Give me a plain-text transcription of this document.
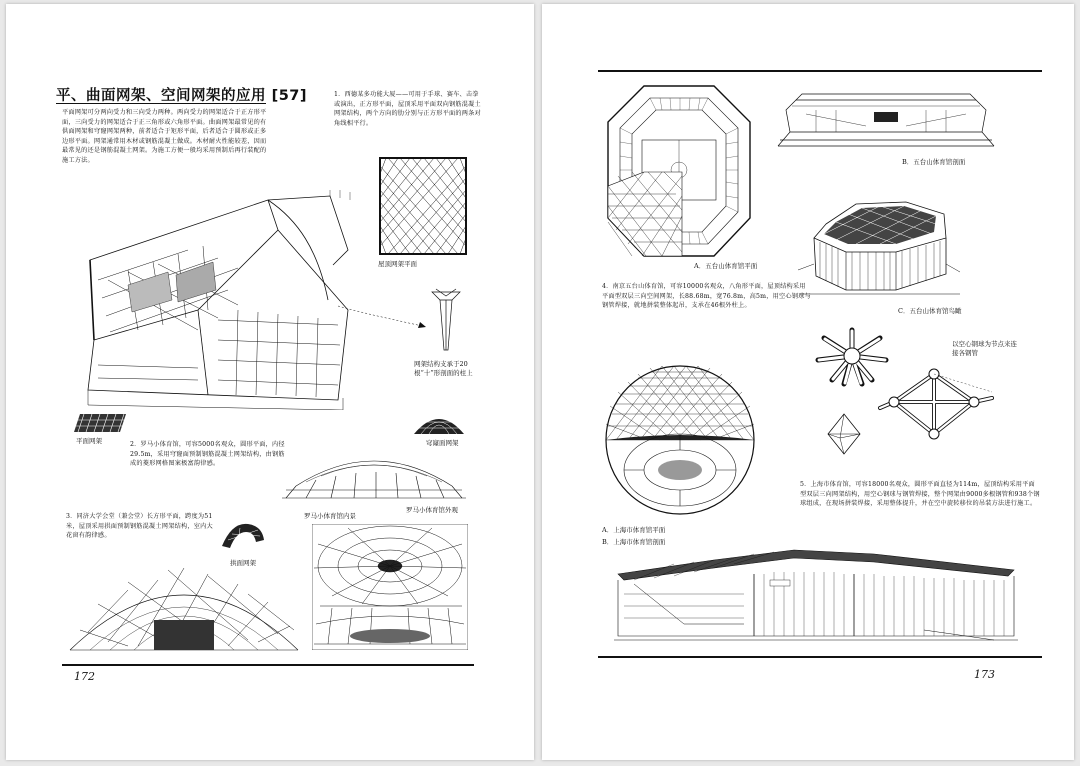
平、曲面网架、空间网架的应用 [57]
平面网架可分两向受力和三向受力两种。两向受力的网架适合于正方形平面，三向受力的网架适合于正三角形或六角形平面。曲面网架最常见的有供面网架和穹窿网架两种，前者适合于矩形平面，后者适合于圆形或正多边形平面。网架通常用木材或钢筋混凝土做成。木材耐火性能较差，因而最常见的还是钢筋混凝土网架。为施工方便一般均采用预制后再行装配的施工方法。
1．西德某多功能大厦——可用于手球、赛车、击拳或演出，正方形平面，屋顶采用平面双向钢筋混凝土网架结构，两个方向的肋分别与正方形平面的两条对角线相平行。
屋顶网架平面
网架结构支承于20根“十”形剖面的柱上
平面网架	2．罗马小体育馆，可容5000名观众，圆形平面，内径29.5m，采用穹窿面预制钢筋混凝土网架结构，由钢筋成的菱形网格图案极富韵律感。
穹窿面网架
罗马小体育馆外观
3．同济大学会堂（兼会堂）长方形平面，跨度为51米，屋顶采用拱面预制钢筋混凝土网架结构，室内大花窗有韵律感。
拱面网架
罗马小体育馆内景
172
A．五台山体育馆平面
B．五台山体育馆剖面
C．五台山体育馆鸟瞰
4．南京五台山体育馆，可容10000名观众，八角形平面，屋顶结构采用平面型双层三向空间网架，长88.68m，宽76.8m，高5m，用空心钢球与钢管焊接，就地拼装整体起吊，支承在46根外柱上。
以空心钢球为节点来连接各钢管
A．上海市体育馆平面
B．上海市体育馆剖面
5．上海市体育馆，可容18000名观众，圆形平面直径为114m，屋顶结构采用平面型双层三向网架结构，用空心钢球与钢管焊接，整个网架由9000多根钢管和938个钢球组成，在现场拼装焊接，采用整体提升，并在空中旋转移位的吊装方法进行施工。
173
